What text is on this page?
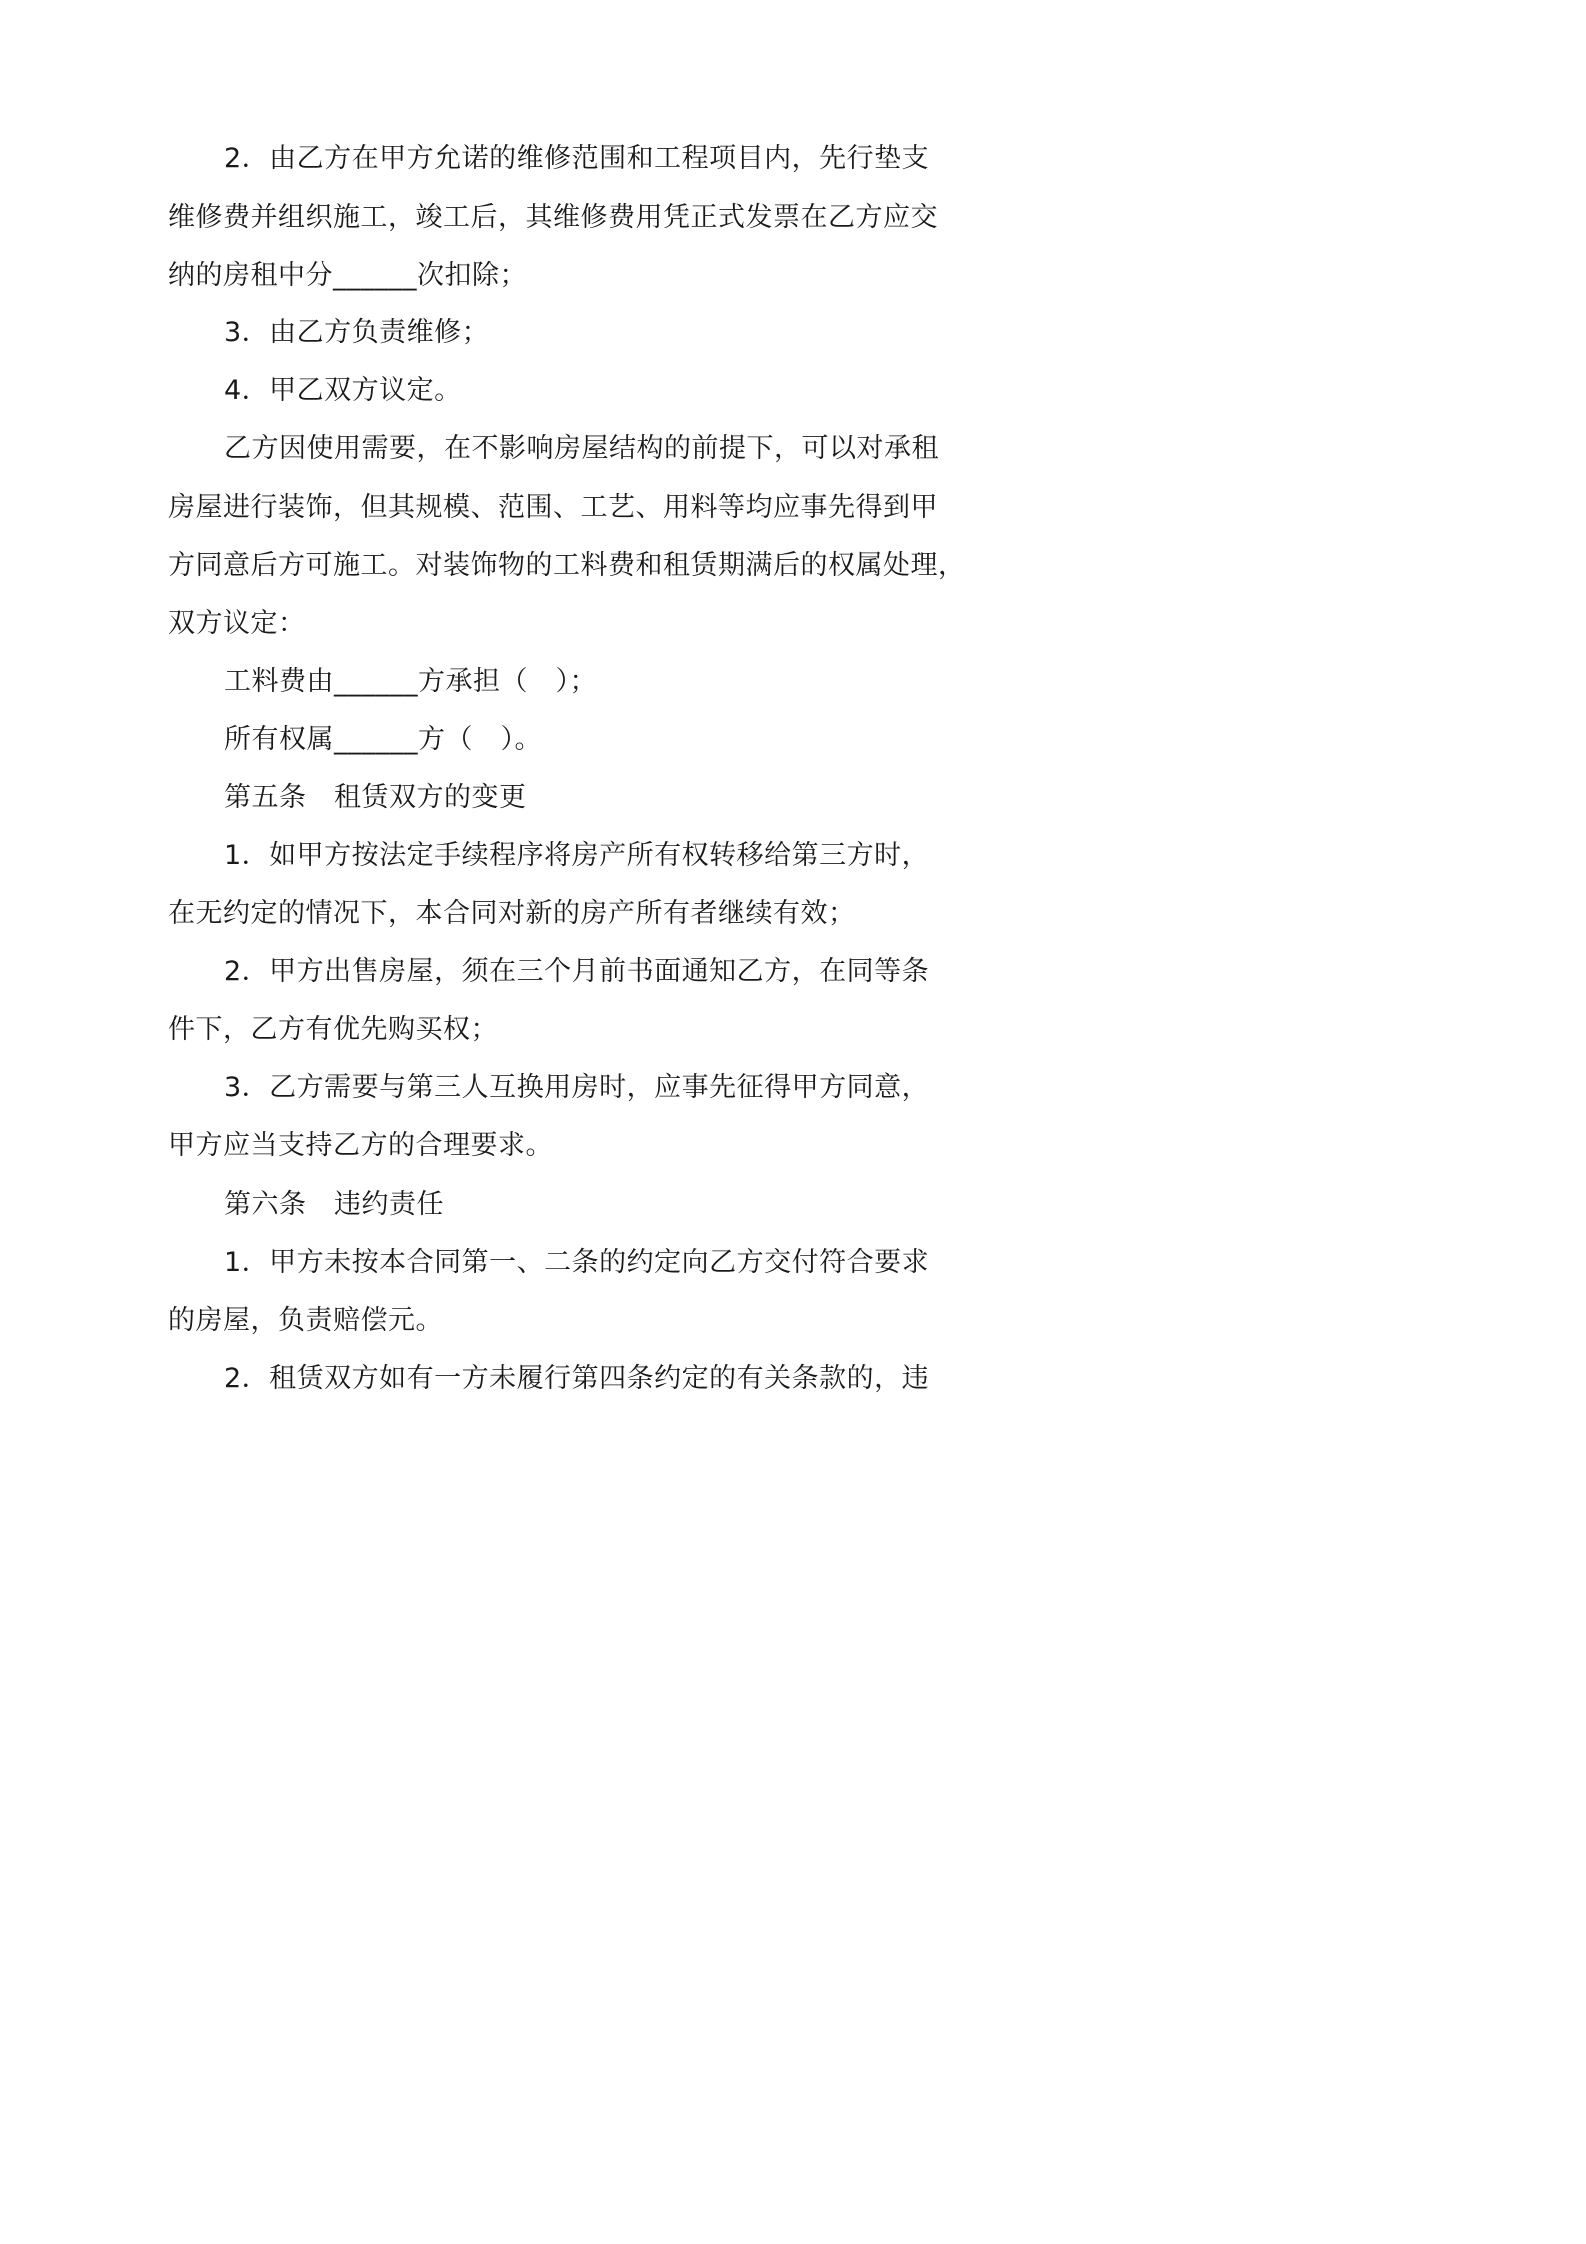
2．由乙方在甲方允诺的维修范围和工程项目内，先行垫支
维修费并组织施工，竣工后，其维修费用凭正式发票在乙方应交
纳的房租中分______次扣除；
3．由乙方负责维修；
4．甲乙双方议定。
乙方因使用需要，在不影响房屋结构的前提下，可以对承租
房屋进行装饰，但其规模、范围、工艺、用料等均应事先得到甲
方同意后方可施工。对装饰物的工料费和租赁期满后的权属处理，
双方议定：
工料费由______方承担（　）；
所有权属______方（　）。
第五条　租赁双方的变更
1．如甲方按法定手续程序将房产所有权转移给第三方时，
在无约定的情况下，本合同对新的房产所有者继续有效；
2．甲方出售房屋，须在三个月前书面通知乙方，在同等条
件下，乙方有优先购买权；
3．乙方需要与第三人互换用房时，应事先征得甲方同意，
甲方应当支持乙方的合理要求。
第六条　违约责任
1．甲方未按本合同第一、二条的约定向乙方交付符合要求
的房屋，负责赔偿元。
2．租赁双方如有一方未履行第四条约定的有关条款的，违
